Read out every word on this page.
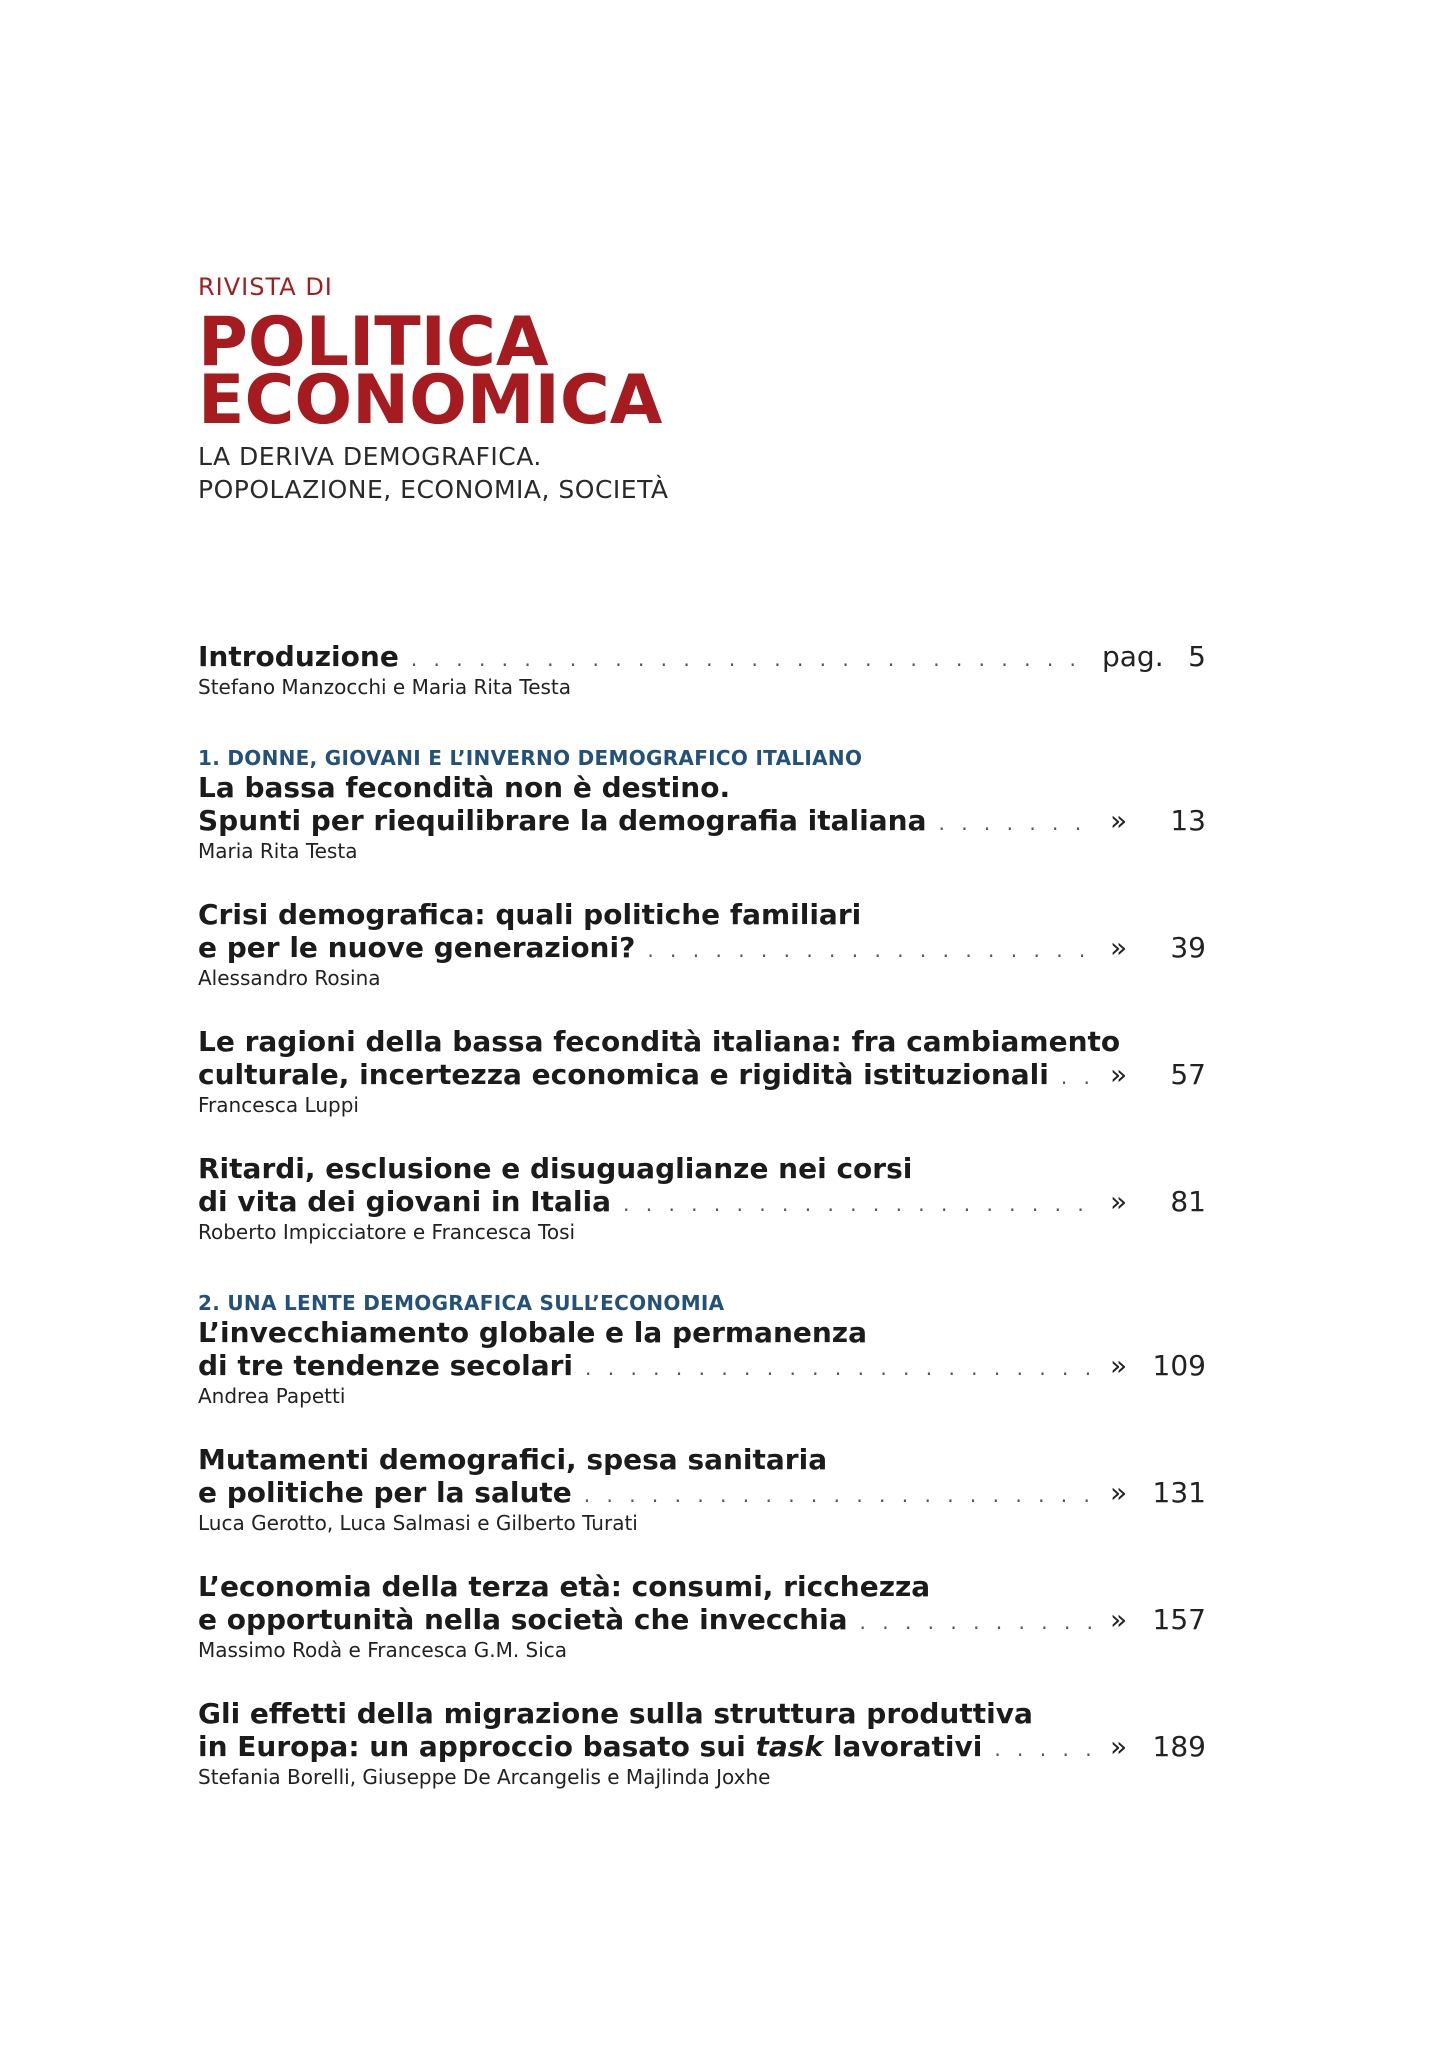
RIVISTA DI
POLITICA
ECONOMICA
LA DERIVA DEMOGRAFICA.
POPOLAZIONE, ECONOMIA, SOCIETÀ
Introduzione . . .	pag. 5
Stefano Manzocchi e Maria Rita Testa
1. DONNE, GIOVANI E L’INVERNO DEMOGRAFICO ITALIANO
La bassa fecondità non è destino.
Spunti per riequilibrare la demografia italiana . . .	»	13
Maria Rita Testa
Crisi demografica: quali politiche familiari
e per le nuove generazioni? . . .	»	39
Alessandro Rosina
Le ragioni della bassa fecondità italiana: fra cambiamento
culturale, incertezza economica e rigidità istituzionali . . . »	57
Francesca Luppi
Ritardi, esclusione e disuguaglianze nei corsi
di vita dei giovani in Italia . . .	»	81
Roberto Impicciatore e Francesca Tosi
2. UNA LENTE DEMOGRAFICA SULL’ECONOMIA
L’invecchiamento globale e la permanenza
di tre tendenze secolari . . .	» 109
Andrea Papetti
Mutamenti demografici, spesa sanitaria
e politiche per la salute . . .	» 131
Luca Gerotto, Luca Salmasi e Gilberto Turati
L’economia della terza età: consumi, ricchezza
e opportunità nella società che invecchia . . .	» 157
Massimo Rodà e Francesca G.M. Sica
Gli effetti della migrazione sulla struttura produttiva
in Europa: un approccio basato sui task lavorativi . . .	» 189
Stefania Borelli, Giuseppe De Arcangelis e Majlinda Joxhe
